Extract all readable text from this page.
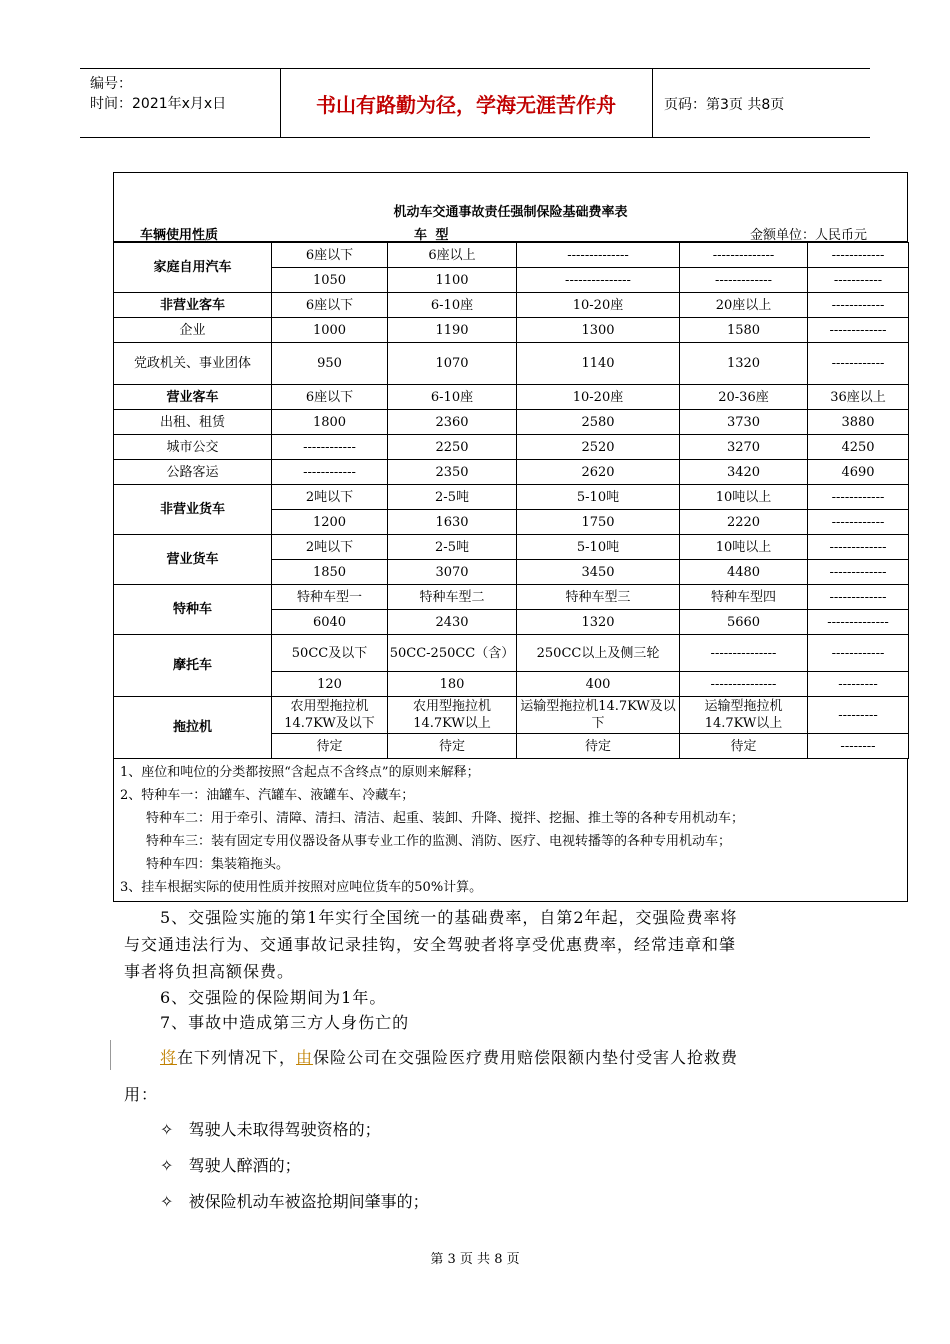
编号：
时间：2021年x月x日	书山有路勤为径，学海无涯苦作舟	页码：第3页 共8页
机动车交通事故责任强制保险基础费率表
车辆使用性质	车 型	金额单位：人民币元
家庭自用汽车	6座以下	6座以上	--------------	--------------	------------
	1050	1100	---------------	-------------	-----------
非营业客车	6座以下	6-10座	10-20座	20座以上	------------
企业	1000	1190	1300	1580	-------------
党政机关、事业团体	950	1070	1140	1320	------------
营业客车	6座以下	6-10座	10-20座	20-36座	36座以上
出租、租赁	1800	2360	2580	3730	3880
城市公交	------------	2250	2520	3270	4250
公路客运	------------	2350	2620	3420	4690
非营业货车	2吨以下	2-5吨	5-10吨	10吨以上	------------
	1200	1630	1750	2220	------------
营业货车	2吨以下	2-5吨	5-10吨	10吨以上	-------------
	1850	3070	3450	4480	-------------
特种车	特种车型一	特种车型二	特种车型三	特种车型四	-------------
	6040	2430	1320	5660	--------------
摩托车	50CC及以下	50CC-250CC（含）	250CC以上及侧三轮	---------------	------------
	120	180	400	---------------	---------
拖拉机	农用型拖拉机14.7KW及以下	农用型拖拉机14.7KW以上	运输型拖拉机14.7KW及以下	运输型拖拉机14.7KW以上	---------
	待定	待定	待定	待定	--------
1、座位和吨位的分类都按照“含起点不含终点”的原则来解释；
2、特种车一：油罐车、汽罐车、液罐车、冷藏车；
特种车二：用于牵引、清障、清扫、清洁、起重、装卸、升降、搅拌、挖掘、推土等的各种专用机动车；
特种车三：装有固定专用仪器设备从事专业工作的监测、消防、医疗、电视转播等的各种专用机动车；
特种车四：集装箱拖头。
3、挂车根据实际的使用性质并按照对应吨位货车的50%计算。
5、交强险实施的第1年实行全国统一的基础费率，自第2年起，交强险费率将
与交通违法行为、交通事故记录挂钩，安全驾驶者将享受优惠费率，经常违章和肇
事者将负担高额保费。
6、交强险的保险期间为1年。
7、事故中造成第三方人身伤亡的
将在下列情况下，由保险公司在交强险医疗费用赔偿限额内垫付受害人抢救费
用：
✧ 驾驶人未取得驾驶资格的；
✧ 驾驶人醉酒的；
✧ 被保险机动车被盗抢期间肇事的；
第 3 页 共 8 页
